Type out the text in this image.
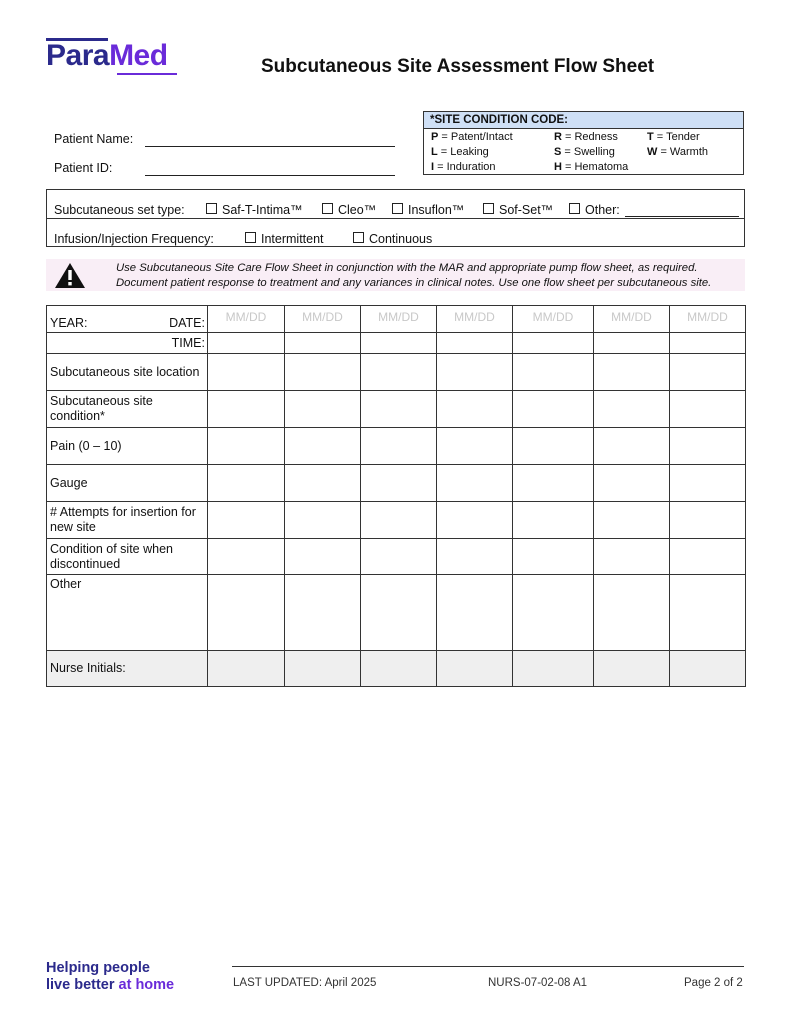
ParaMed	Subcutaneous Site Assessment Flow Sheet
Patient Name:
Patient ID:
*SITE CONDITION CODE:
P = Patent/Intact	R = Redness	T = Tender
L = Leaking	S = Swelling	W = Warmth
I = Induration	H = Hematoma
Subcutaneous set type:	Saf-T-Intima™	Cleo™	Insuflon™	Sof-Set™	Other:
Infusion/Injection Frequency:	Intermittent	Continuous
Use Subcutaneous Site Care Flow Sheet in conjunction with the MAR and appropriate pump flow sheet, as required.
Document patient response to treatment and any variances in clinical notes. Use one flow sheet per subcutaneous site.
YEAR: DATE:	MM/DD	MM/DD	MM/DD	MM/DD	MM/DD	MM/DD	MM/DD
TIME:							
Subcutaneous site location							
Subcutaneous site condition*							
Pain (0 – 10)							
Gauge							
# Attempts for insertion for new site							
Condition of site when discontinued							
Other							
Nurse Initials:							
Helping people
live better at home	LAST UPDATED: April 2025	NURS-07-02-08 A1	Page 2 of 2
